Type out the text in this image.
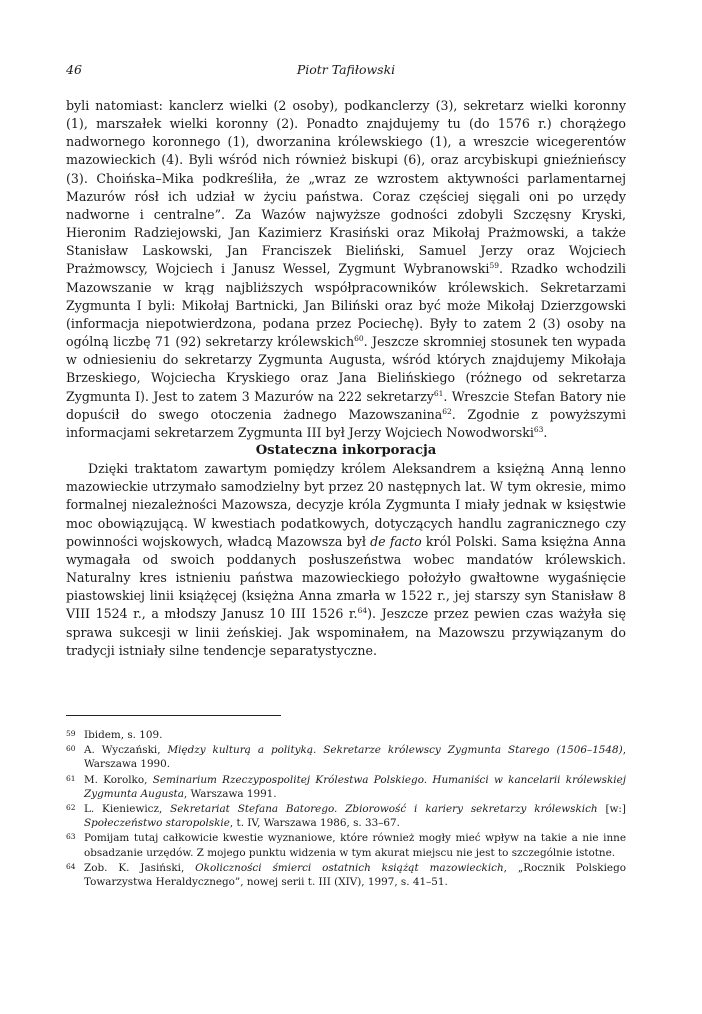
46	Piotr Tafiłowski

byli natomiast: kanclerz wielki (2 osoby), podkanclerzy (3), sekretarz wielki koronny (1), marszałek wielki koronny (2). Ponadto znajdujemy tu (do 1576 r.) chorążego nadwornego koronnego (1), dworzanina królewskiego (1), a wreszcie wicegerentów mazowieckich (4). Byli wśród nich również biskupi (6), oraz arcybiskupi gnieźnieńscy (3). Choińska–Mika podkreśliła, że „wraz ze wzrostem aktywności parlamentarnej Mazurów rósł ich udział w życiu państwa. Coraz częściej sięgali oni po urzędy nadworne i centralne”. Za Wazów najwyższe godności zdobyli Szczęsny Kryski, Hieronim Radziejowski, Jan Kazimierz Krasiński oraz Mikołaj Prażmowski, a także Stanisław Laskowski, Jan Franciszek Bieliński, Samuel Jerzy oraz Wojciech Prażmowscy, Wojciech i Janusz Wessel, Zygmunt Wybranowski$^{59}$. Rzadko wchodzili Mazowszanie w krąg najbliższych współpracowników królewskich. Sekretarzami Zygmunta I byli: Mikołaj Bartnicki, Jan Biliński oraz być może Mikołaj Dzierzgowski (informacja niepotwierdzona, podana przez Pociechę). Były to zatem 2 (3) osoby na ogólną liczbę 71 (92) sekretarzy królewskich$^{60}$. Jeszcze skromniej stosunek ten wypada w odniesieniu do sekretarzy Zygmunta Augusta, wśród których znajdujemy Mikołaja Brzeskiego, Wojciecha Kryskiego oraz Jana Bielińskiego (różnego od sekretarza Zygmunta I). Jest to zatem 3 Mazurów na 222 sekretarzy$^{61}$. Wreszcie Stefan Batory nie dopuścił do swego otoczenia żadnego Mazowszanina$^{62}$. Zgodnie z powyższymi informacjami sekretarzem Zygmunta III był Jerzy Wojciech Nowodworski$^{63}$.

Ostateczna inkorporacja

Dzięki traktatom zawartym pomiędzy królem Aleksandrem a księżną Anną lenno mazowieckie utrzymało samodzielny byt przez 20 następnych lat. W tym okresie, mimo formalnej niezależności Mazowsza, decyzje króla Zygmunta I miały jednak w księstwie moc obowiązującą. W kwestiach podatkowych, dotyczących handlu zagranicznego czy powinności wojskowych, władcą Mazowsza był de facto król Polski. Sama księżna Anna wymagała od swoich poddanych posłuszeństwa wobec mandatów królewskich. Naturalny kres istnieniu państwa mazowieckiego położyło gwałtowne wygaśnięcie piastowskiej linii książęcej (księżna Anna zmarła w 1522 r., jej starszy syn Stanisław 8 VIII 1524 r., a młodszy Janusz 10 III 1526 r.$^{64}$). Jeszcze przez pewien czas ważyła się sprawa sukcesji w linii żeńskiej. Jak wspominałem, na Mazowszu przywiązanym do tradycji istniały silne tendencje separatystyczne.

59 Ibidem, s. 109.

60 A. Wyczański, Między kulturą a polityką. Sekretarze królewscy Zygmunta Starego (1506–1548), Warszawa 1990.

61 M. Korolko, Seminarium Rzeczypospolitej Królestwa Polskiego. Humaniści w kancelarii królewskiej Zygmunta Augusta, Warszawa 1991.

62 L. Kieniewicz, Sekretariat Stefana Batorego. Zbiorowość i kariery sekretarzy królewskich [w:] Społeczeństwo staropolskie, t. IV, Warszawa 1986, s. 33–67.

63 Pomijam tutaj całkowicie kwestie wyznaniowe, które również mogły mieć wpływ na takie a nie inne obsadzanie urzędów. Z mojego punktu widzenia w tym akurat miejscu nie jest to szczególnie istotne.

64 Zob. K. Jasiński, Okoliczności śmierci ostatnich książąt mazowieckich, „Rocznik Polskiego Towarzystwa Heraldycznego”, nowej serii t. III (XIV), 1997, s. 41–51.
